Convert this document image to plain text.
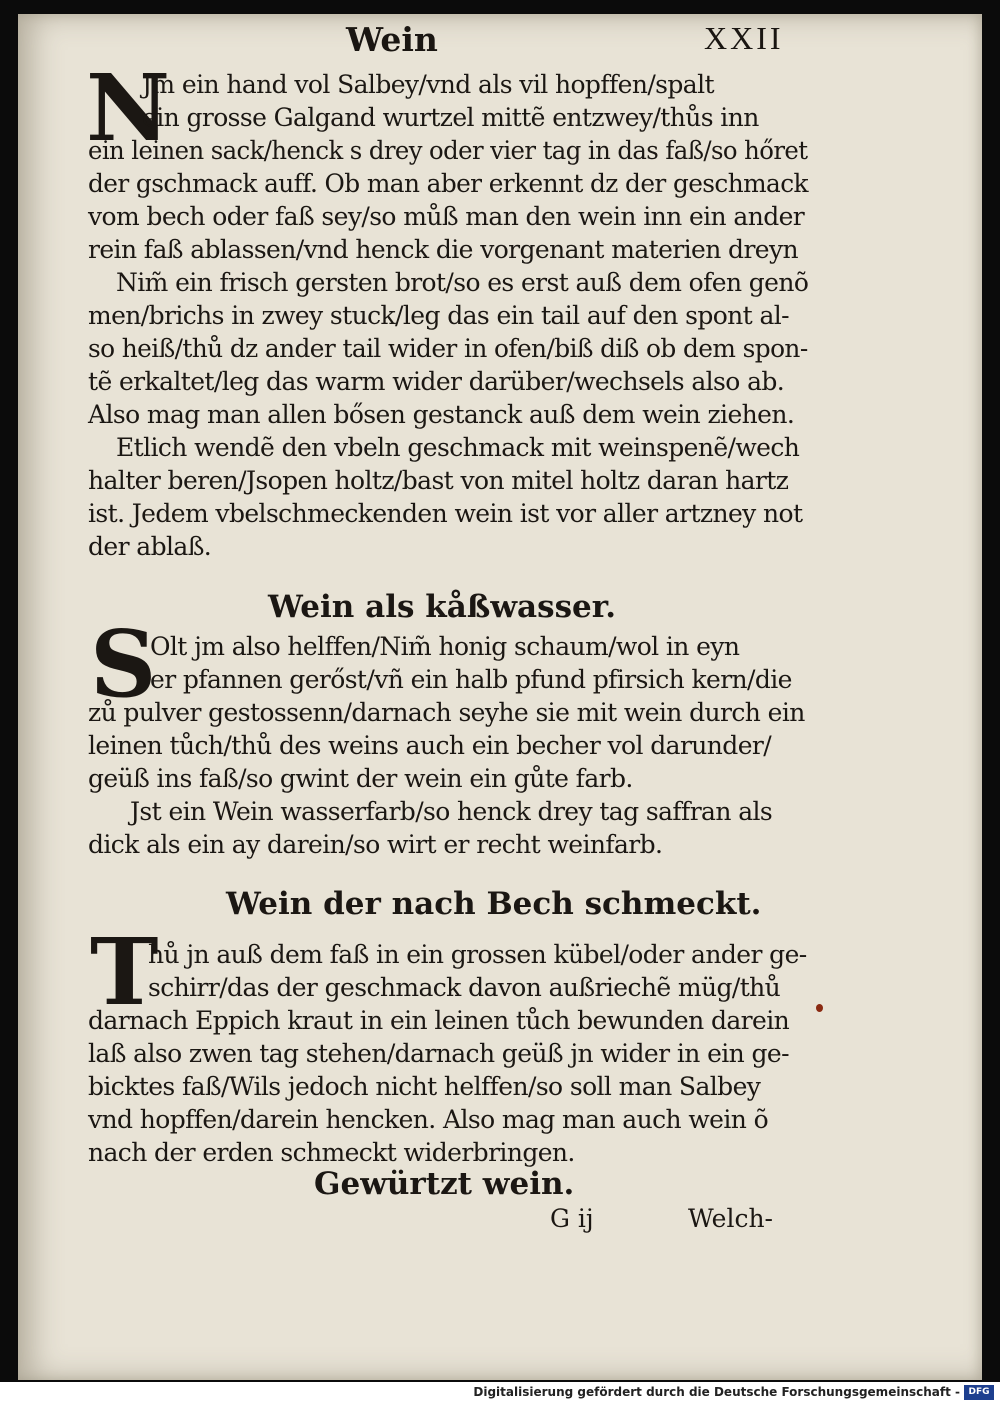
Wein	XXII
N
Jm ein hand vol Salbey/vnd als vil hopffen/spalt
ein grosse Galgand wurtzel mittẽ entzwey/thůs inn
ein leinen sack/henck s drey oder vier tag in das faß/so hőret
der gschmack auff. Ob man aber erkennt dz der geschmack
vom bech oder faß sey/so můß man den wein inn ein ander
rein faß ablassen/vnd henck die vorgenant materien dreyn
Nim̃ ein frisch gersten brot/so es erst auß dem ofen genõ
men/brichs in zwey stuck/leg das ein tail auf den spont al-
so heiß/thů dz ander tail wider in ofen/biß diß ob dem spon-
tẽ erkaltet/leg das warm wider darüber/wechsels also ab.
Also mag man allen bősen gestanck auß dem wein ziehen.
Etlich wendẽ den vbeln geschmack mit weinspenẽ/wech
halter beren/Jsopen holtz/bast von mitel holtz daran hartz
ist. Jedem vbelschmeckenden wein ist vor aller artzney not
der ablaß.
Wein als kåßwasser.
S
Olt jm also helffen/Nim̃ honig schaum/wol in eyn
er pfannen gerőst/vñ ein halb pfund pfirsich kern/die
zů pulver gestossenn/darnach seyhe sie mit wein durch ein
leinen tůch/thů des weins auch ein becher vol darunder/
geüß ins faß/so gwint der wein ein gůte farb.
Jst ein Wein wasserfarb/so henck drey tag saffran als
dick als ein ay darein/so wirt er recht weinfarb.
Wein der nach Bech schmeckt.
T
hů jn auß dem faß in ein grossen kübel/oder ander ge-
schirr/das der geschmack davon außriechẽ müg/thů
darnach Eppich kraut in ein leinen tůch bewunden darein
laß also zwen tag stehen/darnach geüß jn wider in ein ge-
bicktes faß/Wils jedoch nicht helffen/so soll man Salbey
vnd hopffen/darein hencken. Also mag man auch wein õ
nach der erden schmeckt widerbringen.
Gewürtzt wein.
G ij	Welch-
Digitalisierung gefördert durch die Deutsche Forschungsgemeinschaft - DFG
